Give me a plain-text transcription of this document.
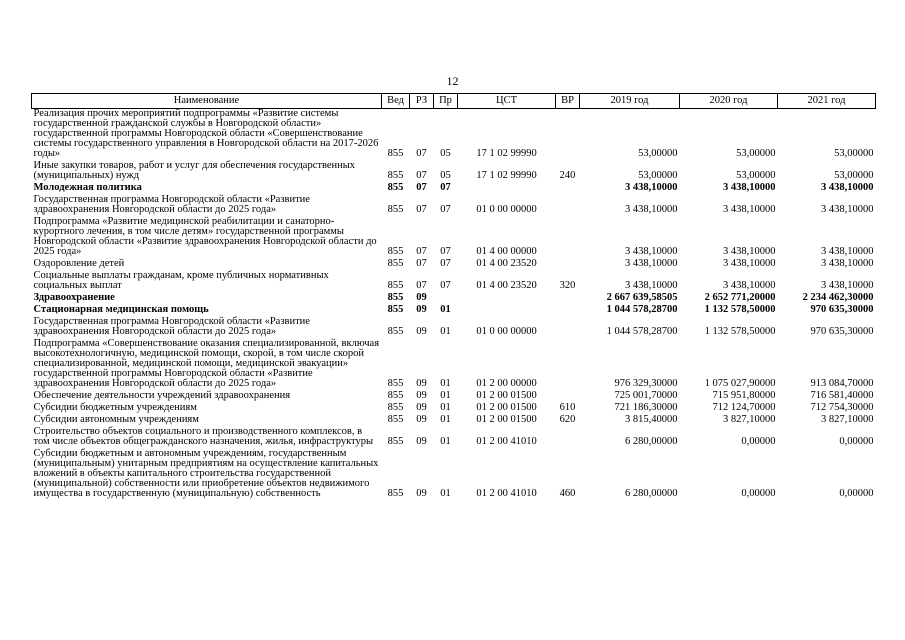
12
Наименование	Вед	РЗ	Пр	ЦСТ	ВР	2019 год	2020 год	2021 год
Реализация прочих мероприятий подпрограммы «Развитие системы государственной гражданской службы в Новгородской области» государственной программы Новгородской области «Совершенствование системы государственного управления в Новгородской области на 2017-2026 годы»	855	07	05	17 1 02 99990		53,00000	53,00000	53,00000
Иные закупки товаров, работ и услуг для обеспечения государственных (муниципальных) нужд	855	07	05	17 1 02 99990	240	53,00000	53,00000	53,00000
Молодежная политика	855	07	07			3 438,10000	3 438,10000	3 438,10000
Государственная программа Новгородской области «Развитие здравоохранения Новгородской области до 2025 года»	855	07	07	01 0 00 00000		3 438,10000	3 438,10000	3 438,10000
Подпрограмма «Развитие медицинской реабилитации и санаторно-курортного лечения, в том числе детям» государственной программы Новгородской области «Развитие здравоохранения Новгородской области до 2025 года»	855	07	07	01 4 00 00000		3 438,10000	3 438,10000	3 438,10000
Оздоровление детей	855	07	07	01 4 00 23520		3 438,10000	3 438,10000	3 438,10000
Социальные выплаты гражданам, кроме публичных нормативных социальных выплат	855	07	07	01 4 00 23520	320	3 438,10000	3 438,10000	3 438,10000
Здравоохранение	855	09				2 667 639,58505	2 652 771,20000	2 234 462,30000
Стационарная медицинская помощь	855	09	01			1 044 578,28700	1 132 578,50000	970 635,30000
Государственная программа Новгородской области «Развитие здравоохранения Новгородской области до 2025 года»	855	09	01	01 0 00 00000		1 044 578,28700	1 132 578,50000	970 635,30000
Подпрограмма «Совершенствование оказания специализированной, включая высокотехнологичную, медицинской помощи, скорой, в том числе скорой специализированной, медицинской помощи, медицинской эвакуации» государственной программы Новгородской области «Развитие здравоохранения Новгородской области до 2025 года»	855	09	01	01 2 00 00000		976 329,30000	1 075 027,90000	913 084,70000
Обеспечение деятельности учреждений здравоохранения	855	09	01	01 2 00 01500		725 001,70000	715 951,80000	716 581,40000
Субсидии бюджетным учреждениям	855	09	01	01 2 00 01500	610	721 186,30000	712 124,70000	712 754,30000
Субсидии автономным учреждениям	855	09	01	01 2 00 01500	620	3 815,40000	3 827,10000	3 827,10000
Строительство объектов социального и производственного комплексов, в том числе объектов общегражданского назначения, жилья, инфраструктуры	855	09	01	01 2 00 41010		6 280,00000	0,00000	0,00000
Субсидии бюджетным и автономным учреждениям, государственным (муниципальным) унитарным предприятиям на осуществление капитальных вложений в объекты капитального строительства государственной (муниципальной) собственности или приобретение объектов недвижимого имущества в государственную (муниципальную) собственность	855	09	01	01 2 00 41010	460	6 280,00000	0,00000	0,00000
